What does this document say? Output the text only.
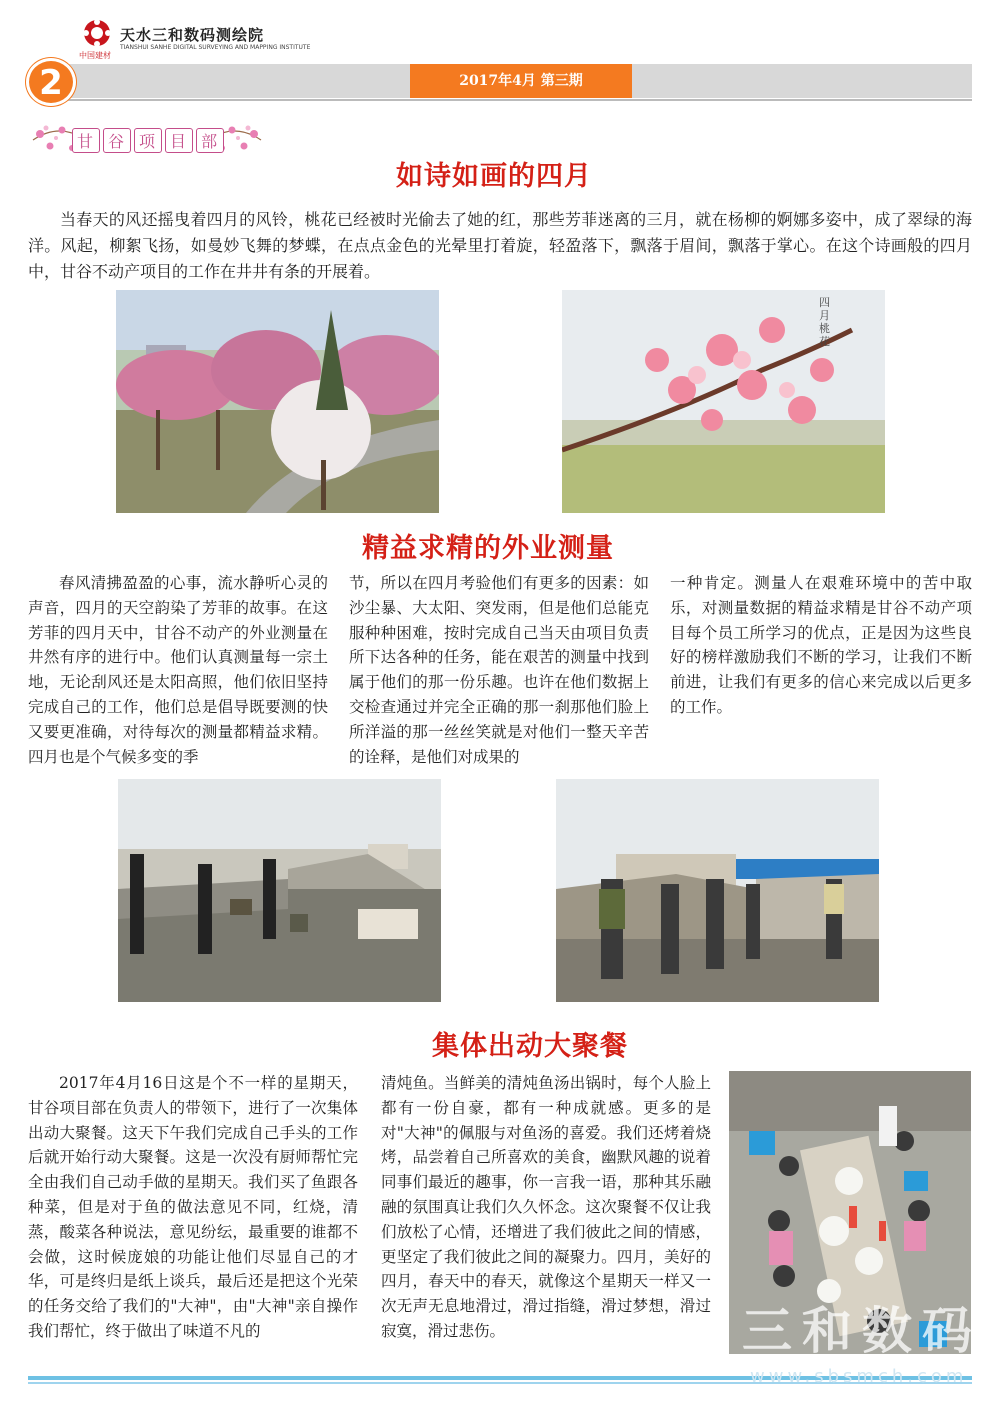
中国建材
天水三和数码测绘院
TIANSHUI SANHE DIGITAL SURVEYING AND MAPPING INSTITUTE
2	2017年4月 第三期
甘 谷 项 目 部
如诗如画的四月
当春天的风还摇曳着四月的风铃，桃花已经被时光偷去了她的红，那些芳菲迷离的三月，就在杨柳的婀娜多姿中，成了翠绿的海洋。风起，柳絮飞扬，如曼妙飞舞的梦蝶，在点点金色的光晕里打着旋，轻盈落下，飘落于眉间，飘落于掌心。在这个诗画般的四月中，甘谷不动产项目的工作在井井有条的开展着。
四月桃花
精益求精的外业测量
春风清拂盈盈的心事，流水静听心灵的声音，四月的天空韵染了芳菲的故事。在这芳菲的四月天中，甘谷不动产的外业测量在井然有序的进行中。他们认真测量每一宗土地，无论刮风还是太阳高照，他们依旧坚持完成自己的工作，他们总是倡导既要测的快又要更准确，对待每次的测量都精益求精。四月也是个气候多变的季
节，所以在四月考验他们有更多的因素：如沙尘暴、大太阳、突发雨，但是他们总能克服种种困难，按时完成自己当天由项目负责所下达各种的任务，能在艰苦的测量中找到属于他们的那一份乐趣。也许在他们数据上交检查通过并完全正确的那一刹那他们脸上所洋溢的那一丝丝笑就是对他们一整天辛苦的诠释，是他们对成果的
一种肯定。测量人在艰难环境中的苦中取乐，对测量数据的精益求精是甘谷不动产项目每个员工所学习的优点，正是因为这些良好的榜样激励我们不断的学习，让我们不断前进，让我们有更多的信心来完成以后更多的工作。
集体出动大聚餐
2017年4月16日这是个不一样的星期天，甘谷项目部在负责人的带领下，进行了一次集体出动大聚餐。这天下午我们完成自己手头的工作后就开始行动大聚餐。这是一次没有厨师帮忙完全由我们自己动手做的星期天。我们买了鱼跟各种菜，但是对于鱼的做法意见不同，红烧，清蒸，酸菜各种说法，意见纷纭，最重要的谁都不会做，这时候庞娘的功能让他们尽显自己的才华，可是终归是纸上谈兵，最后还是把这个光荣的任务交给了我们的"大神"，由"大神"亲自操作我们帮忙，终于做出了味道不凡的
清炖鱼。当鲜美的清炖鱼汤出锅时，每个人脸上都有一份自豪，都有一种成就感。更多的是对"大神"的佩服与对鱼汤的喜爱。我们还烤着烧烤，品尝着自己所喜欢的美食，幽默风趣的说着同事们最近的趣事，你一言我一语，那种其乐融融的氛围真让我们久久怀念。这次聚餐不仅让我们放松了心情，还增进了我们彼此之间的情感，更坚定了我们彼此之间的凝聚力。四月，美好的四月，春天中的春天，就像这个星期天一样又一次无声无息地滑过，滑过指缝，滑过梦想，滑过寂寞，滑过悲伤。	三和数码
www.sbsmch.com
